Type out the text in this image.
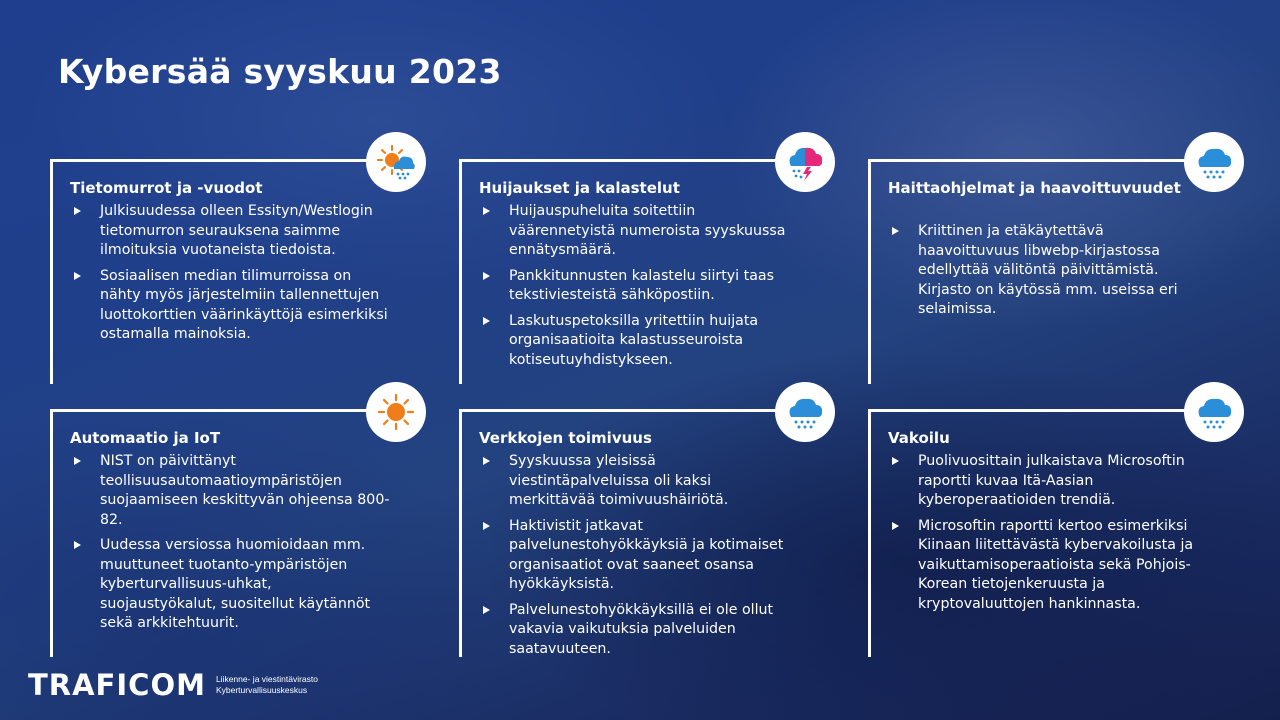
Kybersää syyskuu 2023
Tietomurrot ja -vuodot
Julkisuudessa olleen Essityn/Westlogin tietomurron seurauksena saimme ilmoituksia vuotaneista tiedoista.
Sosiaalisen median tilimurroissa on nähty myös järjestelmiin tallennettujen luottokorttien väärinkäyttöjä esimerkiksi ostamalla mainoksia.
Huijaukset ja kalastelut
Huijauspuheluita soitettiin väärennetyistä numeroista syyskuussa ennätysmäärä.
Pankkitunnusten kalastelu siirtyi taas tekstiviesteistä sähköpostiin.
Laskutuspetoksilla yritettiin huijata organisaatioita kalastusseuroista kotiseutuyhdistykseen.
Haittaohjelmat ja haavoittuvuudet
Kriittinen ja etäkäytettävä haavoittuvuus libwebp-kirjastossa edellyttää välitöntä päivittämistä. Kirjasto on käytössä mm. useissa eri selaimissa.
Automaatio ja IoT
NIST on päivittänyt teollisuusautomaatioympäristöjen suojaamiseen keskittyvän ohjeensa 800-82.
Uudessa versiossa huomioidaan mm. muuttuneet tuotanto-ympäristöjen kyberturvallisuus-uhkat, suojaustyökalut, suositellut käytännöt sekä arkkitehtuurit.
Verkkojen toimivuus
Syyskuussa yleisissä viestintäpalveluissa oli kaksi merkittävää toimivuushäiriötä.
Haktivistit jatkavat palvelunestohyökkäyksiä ja kotimaiset organisaatiot ovat saaneet osansa hyökkäyksistä.
Palvelunestohyökkäyksillä ei ole ollut vakavia vaikutuksia palveluiden saatavuuteen.
Vakoilu
Puolivuosittain julkaistava Microsoftin raportti kuvaa Itä-Aasian kyberoperaatioiden trendiä.
Microsoftin raportti kertoo esimerkiksi Kiinaan liitettävästä kybervakoilusta ja vaikuttamisoperaatioista sekä Pohjois-Korean tietojenkeruusta ja kryptovaluuttojen hankinnasta.
TRAFICOM Liikenne- ja viestintävirasto
Kyberturvallisuuskeskus
